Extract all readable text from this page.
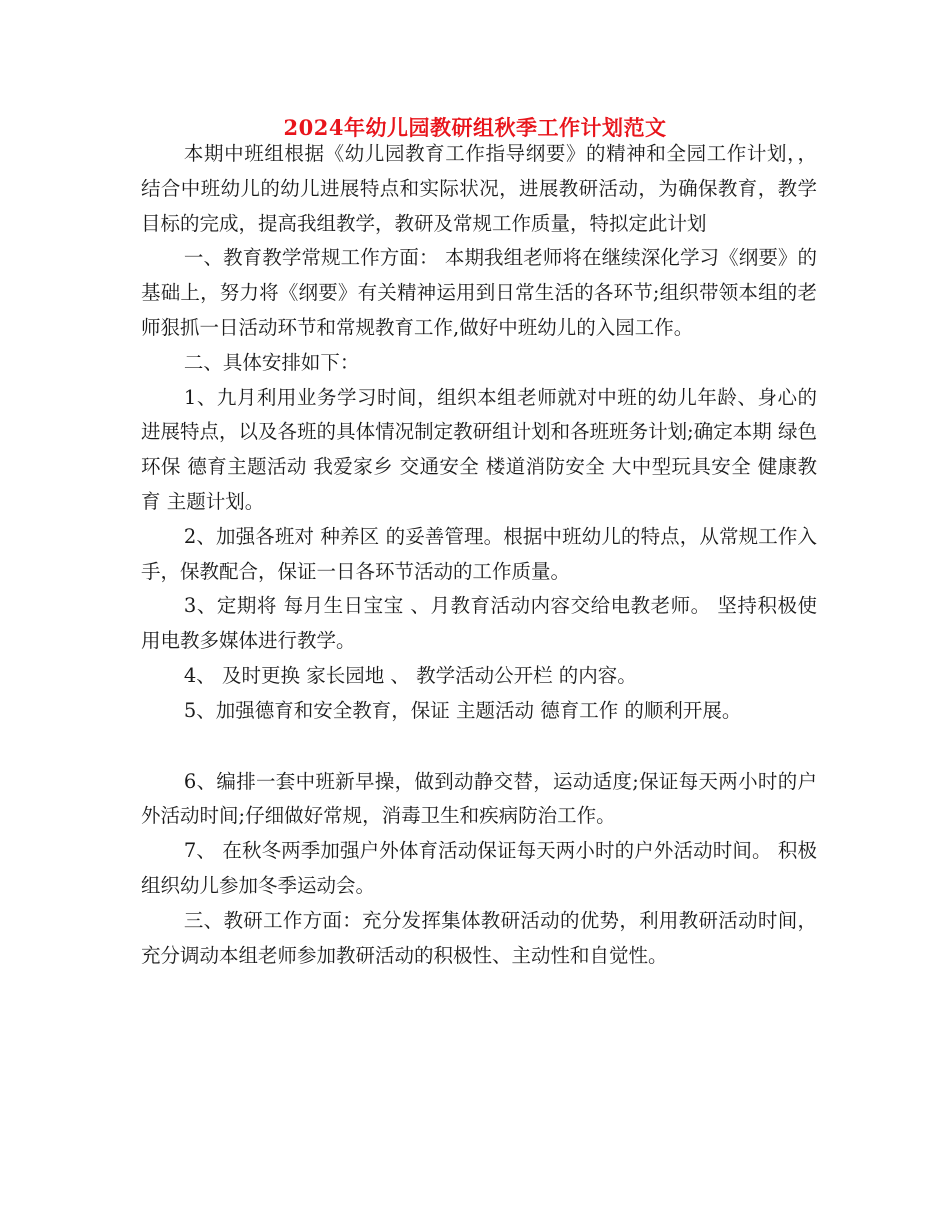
2024年幼儿园教研组秋季工作计划范文

本期中班组根据《幼儿园教育工作指导纲要》的精神和全园工作计划，，结合中班幼儿的幼儿进展特点和实际状况，进展教研活动，为确保教育，教学目标的完成，提高我组教学，教研及常规工作质量，特拟定此计划

一、教育教学常规工作方面： 本期我组老师将在继续深化学习《纲要》的基础上，努力将《纲要》有关精神运用到日常生活的各环节;组织带领本组的老师狠抓一日活动环节和常规教育工作,做好中班幼儿的入园工作。

二、具体安排如下：

1、九月利用业务学习时间，组织本组老师就对中班的幼儿年龄、身心的进展特点，以及各班的具体情况制定教研组计划和各班班务计划;确定本期 绿色环保 德育主题活动 我爱家乡 交通安全 楼道消防安全 大中型玩具安全 健康教育 主题计划。

2、加强各班对 种养区 的妥善管理。根据中班幼儿的特点，从常规工作入手，保教配合，保证一日各环节活动的工作质量。

3、定期将 每月生日宝宝 、月教育活动内容交给电教老师。 坚持积极使用电教多媒体进行教学。

4、 及时更换 家长园地 、 教学活动公开栏 的内容。

5、加强德育和安全教育，保证 主题活动 德育工作 的顺利开展。

6、编排一套中班新早操，做到动静交替，运动适度;保证每天两小时的户外活动时间;仔细做好常规，消毒卫生和疾病防治工作。

7、 在秋冬两季加强户外体育活动保证每天两小时的户外活动时间。 积极组织幼儿参加冬季运动会。

三、教研工作方面：充分发挥集体教研活动的优势，利用教研活动时间，充分调动本组老师参加教研活动的积极性、主动性和自觉性。
